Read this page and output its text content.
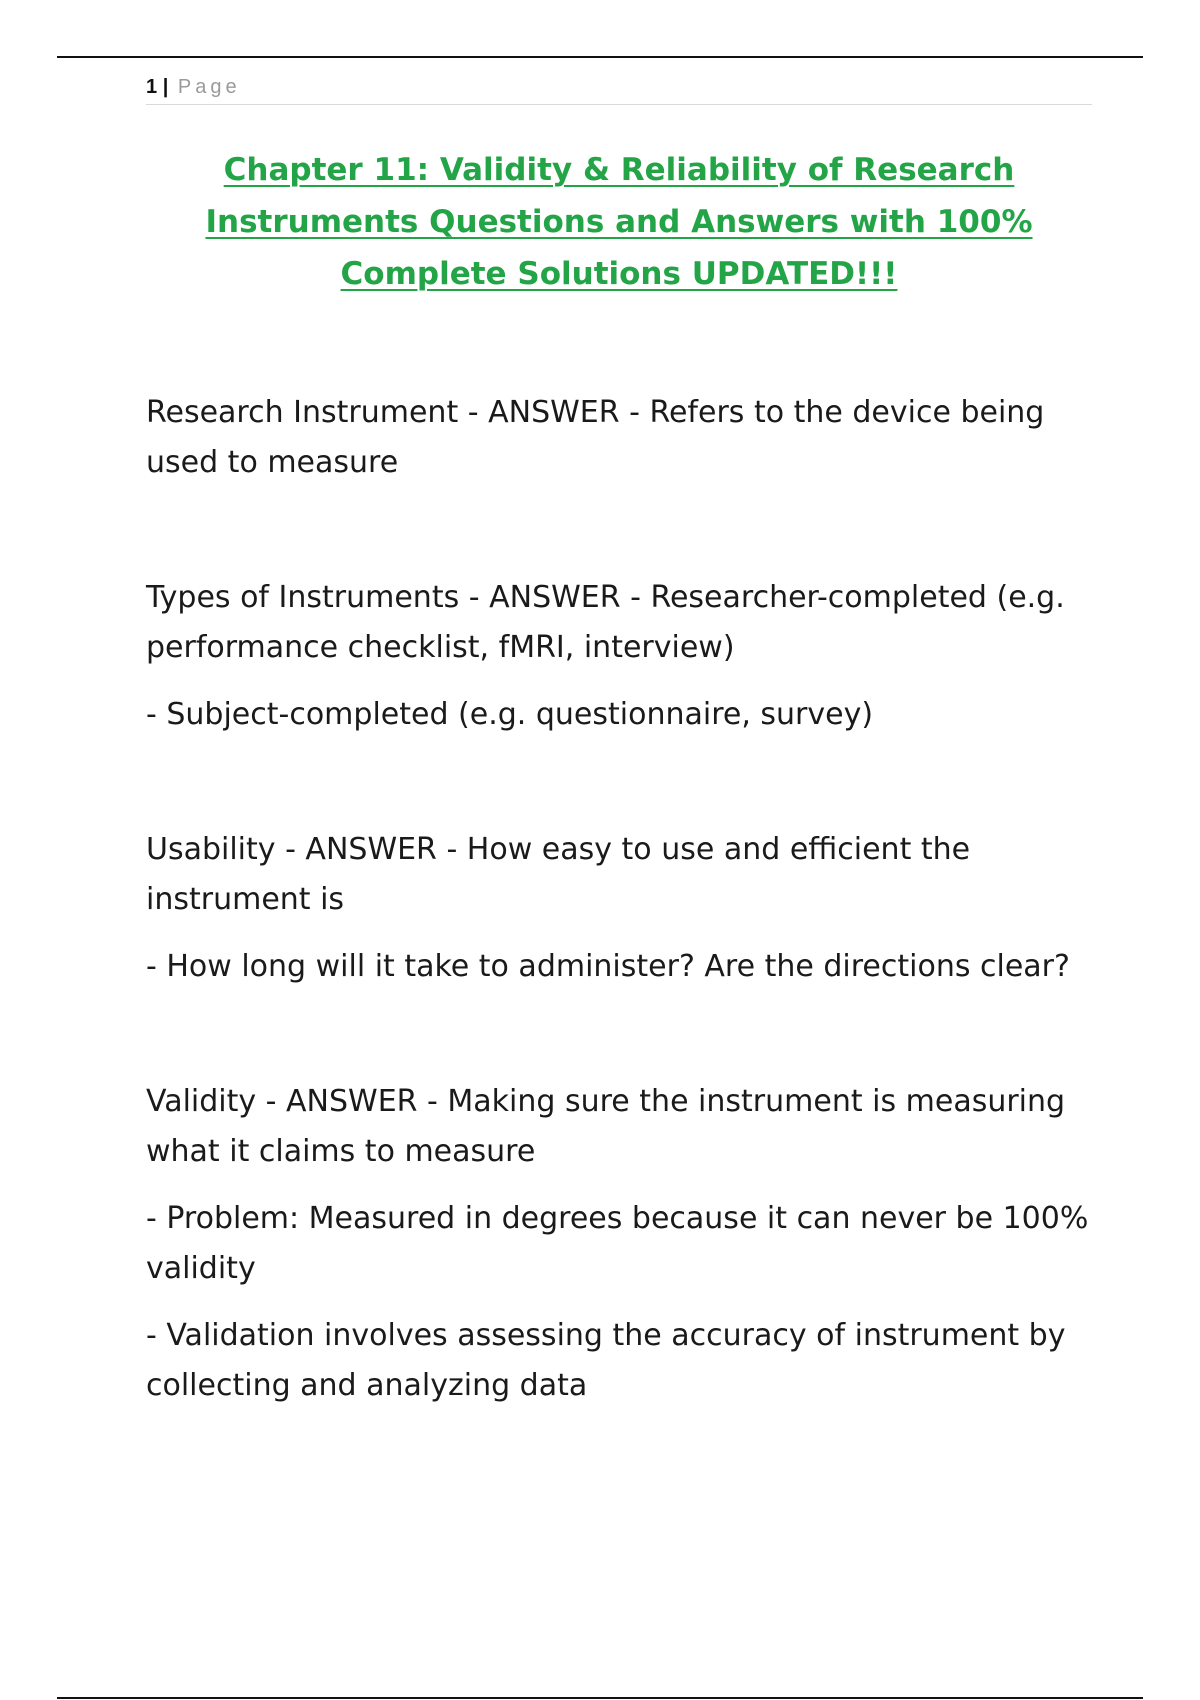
1 | Page
Chapter 11: Validity & Reliability of Research
Instruments Questions and Answers with 100%
Complete Solutions UPDATED!!!

Research Instrument - ANSWER - Refers to the device being used to measure

Types of Instruments - ANSWER - Researcher-completed (e.g. performance checklist, fMRI, interview)

- Subject-completed (e.g. questionnaire, survey)

Usability - ANSWER - How easy to use and efficient the instrument is

- How long will it take to administer? Are the directions clear?

Validity - ANSWER - Making sure the instrument is measuring what it claims to measure

- Problem: Measured in degrees because it can never be 100% validity

- Validation involves assessing the accuracy of instrument by collecting and analyzing data
